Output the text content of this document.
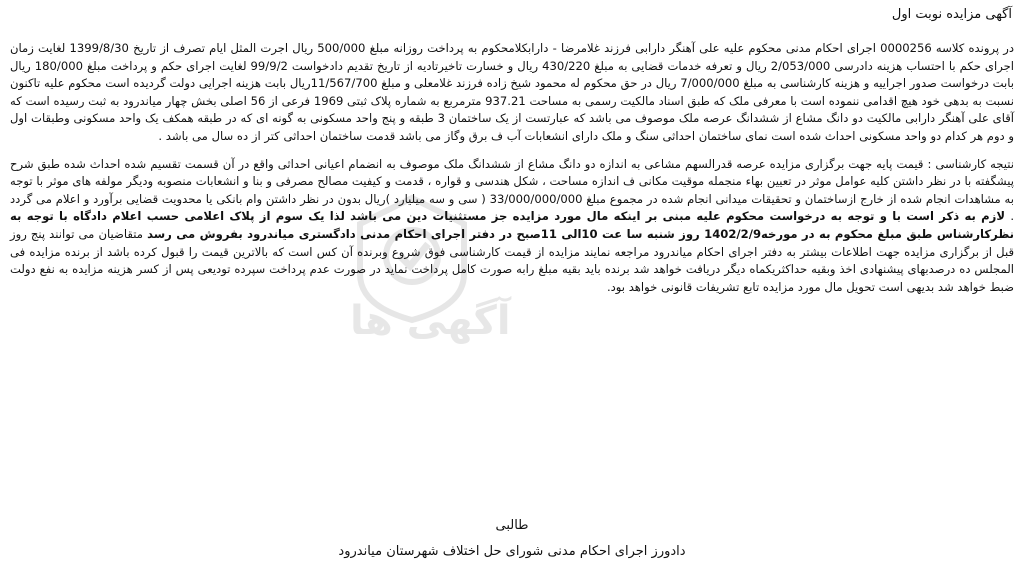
آگهی مزایده نوبت اول
آگهی ها

در پرونده کلاسه 0000256 اجرای احکام مدنی محکوم علیه علی آهنگر دارابی فرزند غلامرضا - دارابکلامحکوم به پرداخت روزانه مبلغ 500/000 ریال اجرت المثل ایام تصرف از تاریخ 1399/8/30 لغایت زمان اجرای حکم با احتساب هزینه دادرسی 2/053/000 ریال و تعرفه خدمات قضایی به مبلغ 430/220 ریال و خسارت تاخیرتادیه از تاریخ تقدیم دادخواست 99/9/2 لغایت اجرای حکم و پرداخت مبلغ 180/000 ریال بابت درخواست صدور اجراییه و هزینه کارشناسی به مبلغ 7/000/000 ریال در حق محکوم له محمود شیخ زاده فرزند غلامعلی و مبلغ 11/567/700ریال بابت هزینه اجرایی دولت گردیده است محکوم علیه تاکنون نسبت به بدهی خود هیچ اقدامی ننموده است با معرفی ملک که طبق اسناد مالکیت رسمی به مساحت 937.21 مترمربع به شماره پلاک ثبتی 1969 فرعی از 56 اصلی بخش چهار میاندرود به ثبت رسیده است که آقای علی آهنگر دارابی مالکیت دو دانگ مشاع از ششدانگ عرصه ملک موصوف می باشد که عبارتست از یک ساختمان 3 طبقه و پنج واحد مسکونی به گونه ای که در طبقه همکف یک واحد مسکونی وطبقات اول و دوم هر کدام دو واحد مسکونی احداث شده است نمای ساختمان احداثی سنگ و ملک دارای انشعابات آب ف برق وگاز می باشد قدمت ساختمان احداثی کتر از ده سال می باشد .

نتیجه کارشناسی : قیمت پایه جهت برگزاری مزایده عرصه قدرالسهم مشاعی به اندازه دو دانگ مشاع از ششدانگ ملک موصوف به انضمام اعیانی احداثی واقع در آن قسمت تقسیم شده احداث شده طبق شرح پیشگفته با در نظر داشتن کلیه عوامل موثر در تعیین بهاء منجمله موقیت مکانی ف اندازه مساحت ، شکل هندسی و قواره ، قدمت و کیفیت مصالح مصرفی و بنا و انشعابات منصوبه ودیگر مولفه های موثر با توجه به مشاهدات انجام شده از خارج ازساختمان و تحقیقات میدانی انجام شده در مجموع مبلغ 33/000/000/000 ( سی و سه میلیارد )ریال بدون در نظر داشتن وام بانکی یا محدویت قضایی برآورد و اعلام می گردد . لازم به ذکر است با و توجه به درخواست محکوم علیه مبنی بر اینکه مال مورد مزایده جز مستثنیات دین می باشد لذا یک سوم از پلاک اعلامی حسب اعلام دادگاه با توجه به نظرکارشناس طبق مبلغ محکوم به در مورخه1402/2/9 روز شنبه سا عت 10الی 11صبح در دفتر اجرای احکام مدنی دادگستری میاندرود بفروش می رسد متقاضیان می توانند پنج روز قبل از برگزاری مزایده جهت اطلاعات بیشتر به دفتر اجرای احکام میاندرود مراجعه نمایند مزایده از قیمت کارشناسی فوق شروع وبرنده آن کس است که بالاترین قیمت را قبول کرده باشد از برنده مزایده فی المجلس ده درصدبهای پیشنهادی اخذ وبقیه حداکثریکماه دیگر دریافت خواهد شد برنده باید بقیه مبلغ رابه صورت کامل پرداخت نماید در صورت عدم پرداخت سپرده تودیعی پس از کسر هزینه مزایده به نفع دولت ضبط خواهد شد بدیهی است تحویل مال مورد مزایده تابع تشریفات قانونی خواهد بود.

طالبی
دادورز اجرای احکام مدنی شورای حل اختلاف شهرستان میاندرود
